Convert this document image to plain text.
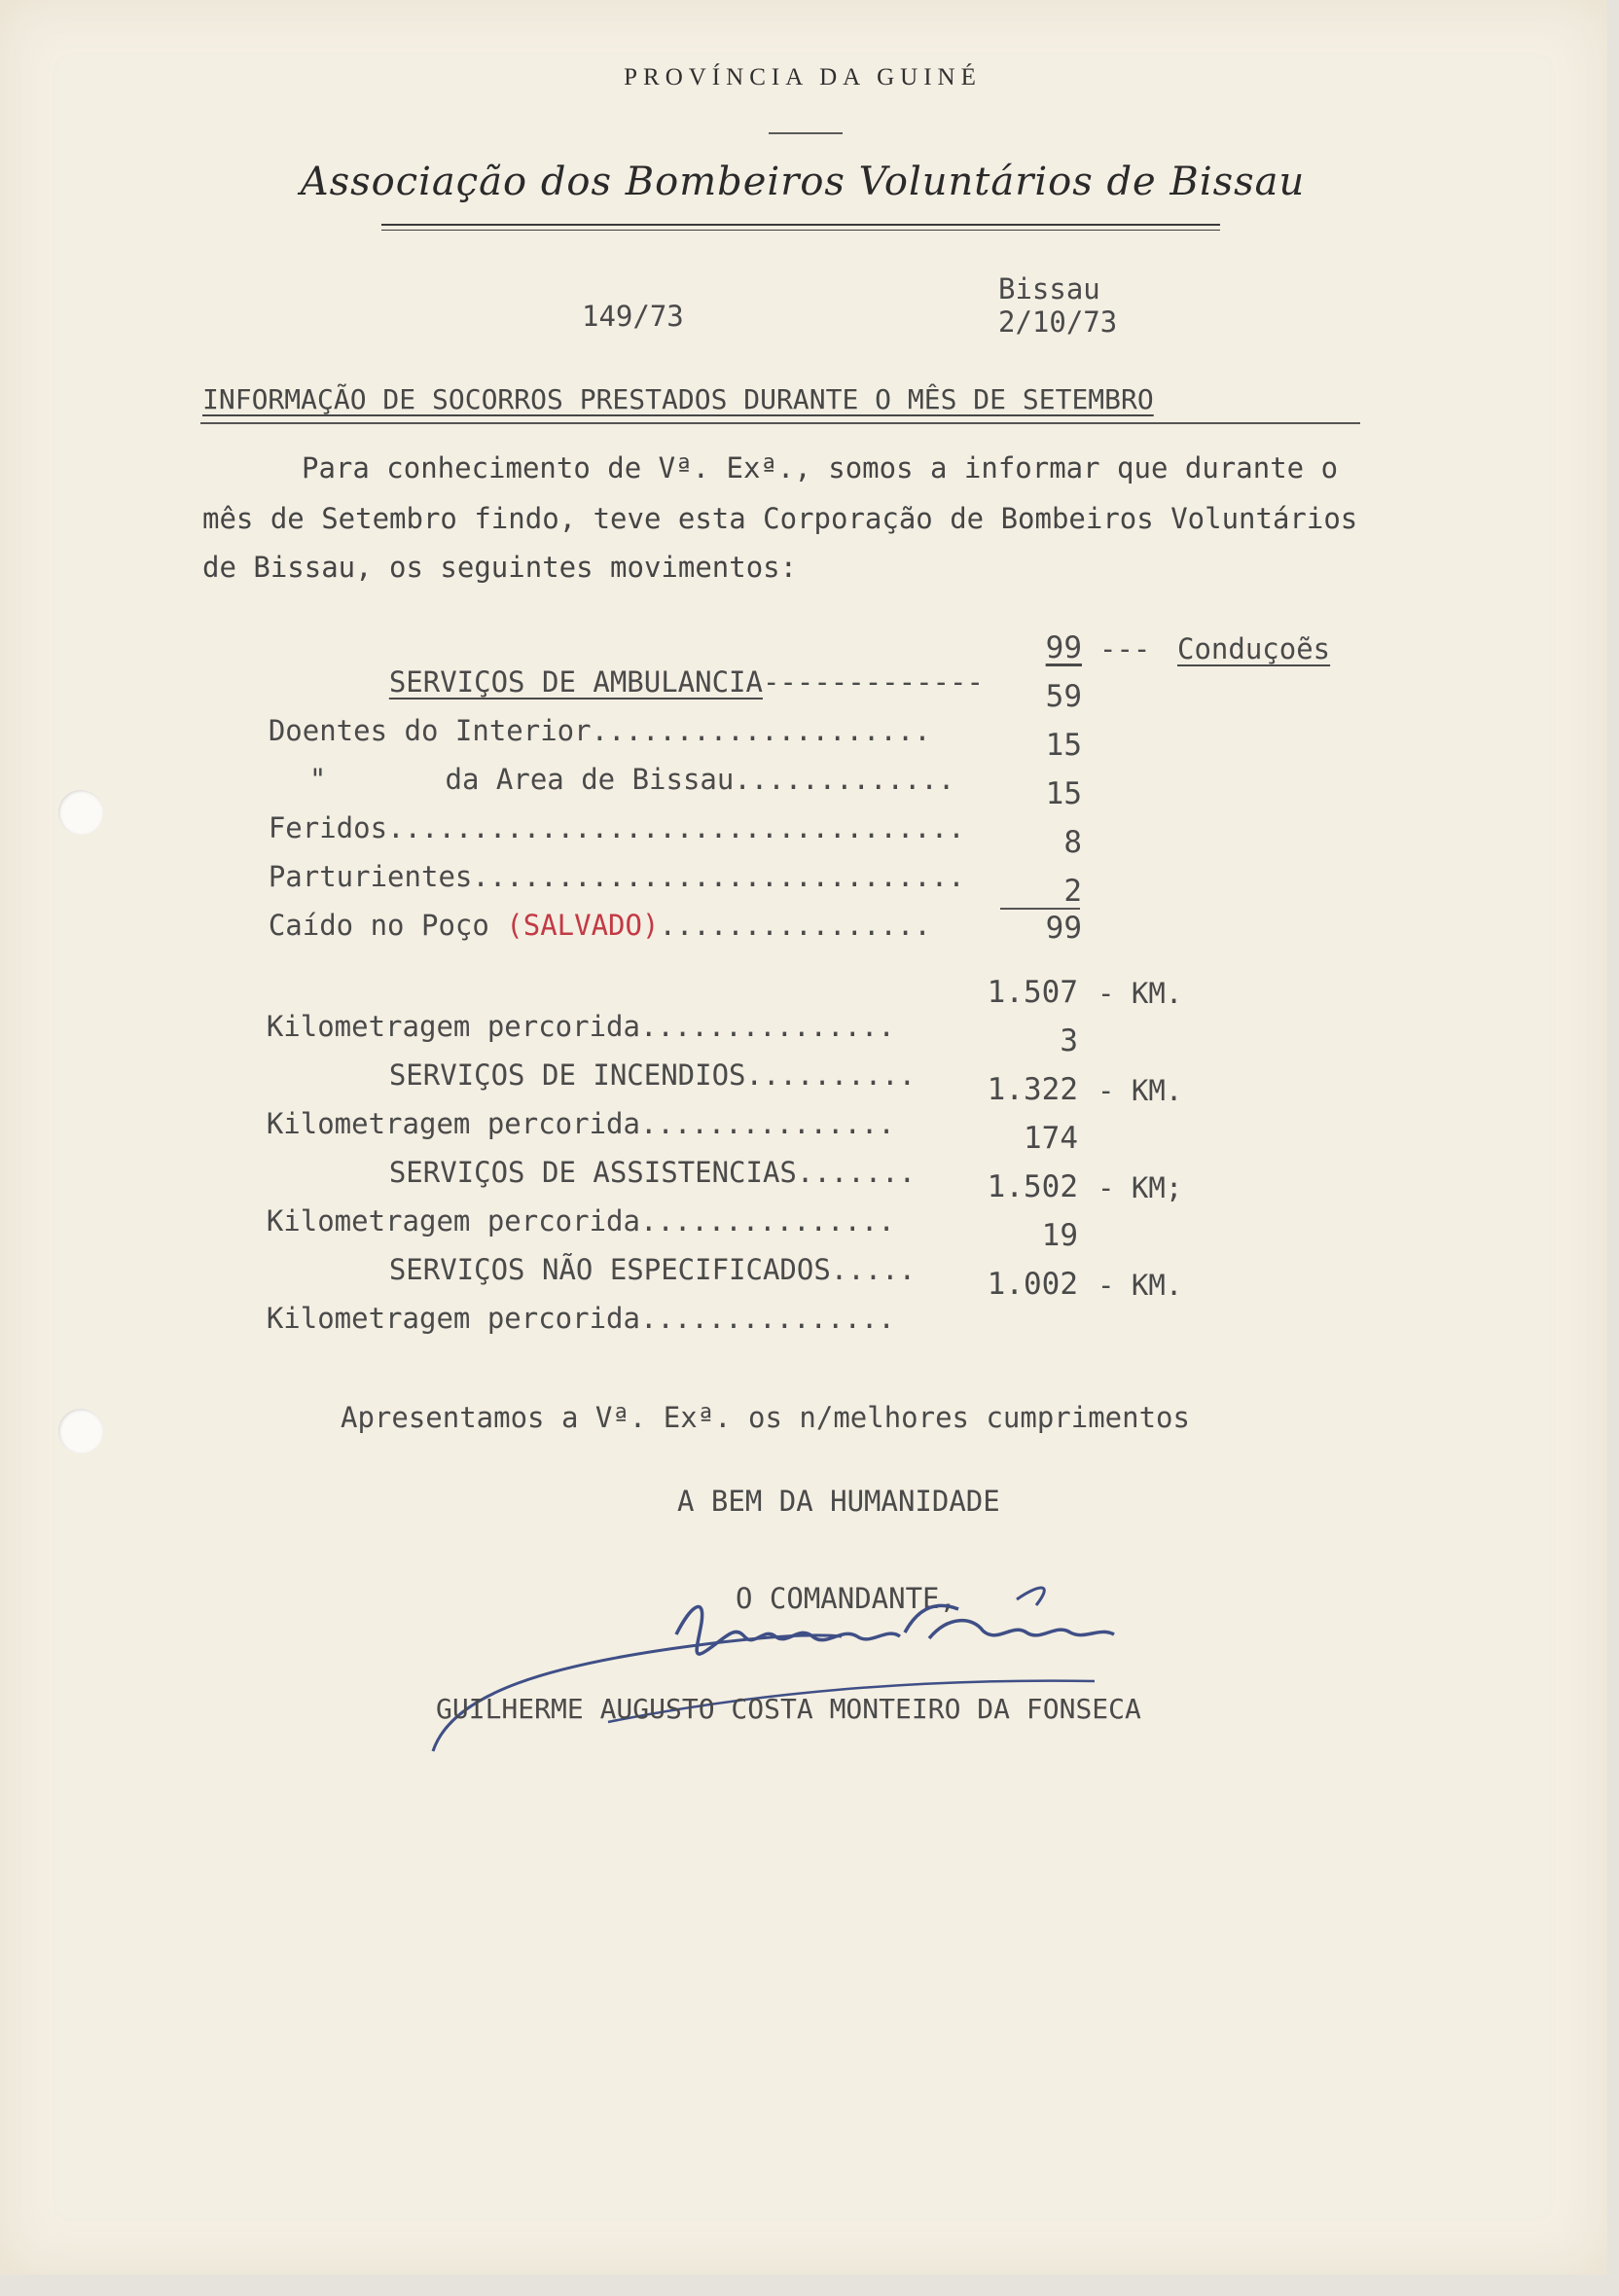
PROVÍNCIA DA GUINÉ
Associação dos Bombeiros Voluntários de Bissau
149/73
Bissau
2/10/73
INFORMAÇÃO DE SOCORROS PRESTADOS DURANTE O MÊS DE SETEMBRO
Para conhecimento de Vª. Exª., somos a informar que durante o
mês de Setembro findo, teve esta Corporação de Bombeiros Voluntários
de Bissau, os seguintes movimentos:

SERVIÇOS DE AMBULANCIA-------------

99 --- Conduçoẽs

Doentes do Interior....................

59

"       da Area de Bissau.............

15

Feridos..................................

15

Parturientes.............................

8

Caído no Poço (SALVADO)................

2
99

Kilometragem percorida...............

1.507 - KM.

SERVIÇOS DE INCENDIOS..........

3

Kilometragem percorida...............

1.322 - KM.

SERVIÇOS DE ASSISTENCIAS.......

174

Kilometragem percorida...............

1.502 - KM;

SERVIÇOS NÃO ESPECIFICADOS.....

19

Kilometragem percorida...............

1.002 - KM.
Apresentamos a Vª. Exª. os n/melhores cumprimentos
A BEM DA HUMANIDADE
O COMANDANTE,
GUILHERME AUGUSTO COSTA MONTEIRO DA FONSECA
